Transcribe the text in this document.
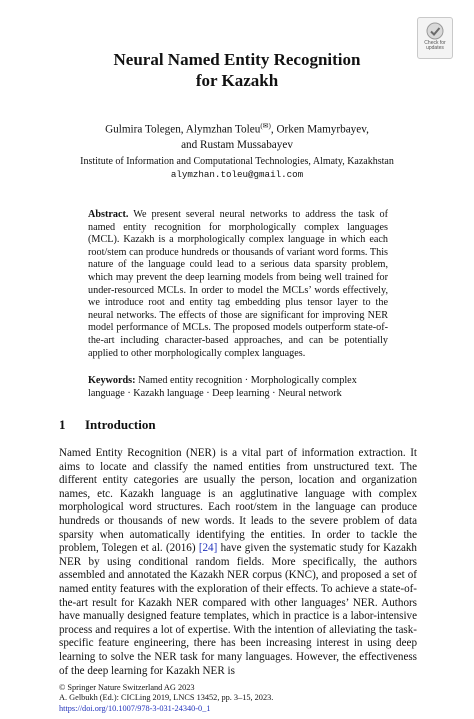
Check for
updates
Neural Named Entity Recognition
for Kazakh
Gulmira Tolegen, Alymzhan Toleu(✉), Orken Mamyrbayev,
and Rustam Mussabayev
Institute of Information and Computational Technologies, Almaty, Kazakhstan
alymzhan.toleu@gmail.com
Abstract. We present several neural networks to address the task of named entity recognition for morphologically complex languages (MCL). Kazakh is a morphologically complex language in which each root/stem can produce hundreds or thousands of variant word forms. This nature of the language could lead to a serious data sparsity problem, which may prevent the deep learning models from being well trained for under-resourced MCLs. In order to model the MCLs’ words effectively, we introduce root and entity tag embedding plus tensor layer to the neural networks. The effects of those are significant for improving NER model performance of MCLs. The proposed models outperform state-of-the-art including character-based approaches, and can be potentially applied to other morphologically complex languages.
Keywords: Named entity recognition · Morphologically complex language · Kazakh language · Deep learning · Neural network
1 Introduction
Named Entity Recognition (NER) is a vital part of information extraction. It aims to locate and classify the named entities from unstructured text. The different entity categories are usually the person, location and organization names, etc. Kazakh language is an agglutinative language with complex morphological word structures. Each root/stem in the language can produce hundreds or thousands of new words. It leads to the severe problem of data sparsity when automatically identifying the entities. In order to tackle the problem, Tolegen et al. (2016) [24] have given the systematic study for Kazakh NER by using conditional random fields. More specifically, the authors assembled and annotated the Kazakh NER corpus (KNC), and proposed a set of named entity features with the exploration of their effects. To achieve a state-of-the-art result for Kazakh NER compared with other languages’ NER. Authors have manually designed feature templates, which in practice is a labor-intensive process and requires a lot of expertise. With the intention of alleviating the task-specific feature engineering, there has been increasing interest in using deep learning to solve the NER task for many languages. However, the effectiveness of the deep learning for Kazakh NER is
© Springer Nature Switzerland AG 2023
A. Gelbukh (Ed.): CICLing 2019, LNCS 13452, pp. 3–15, 2023.
https://doi.org/10.1007/978-3-031-24340-0_1
